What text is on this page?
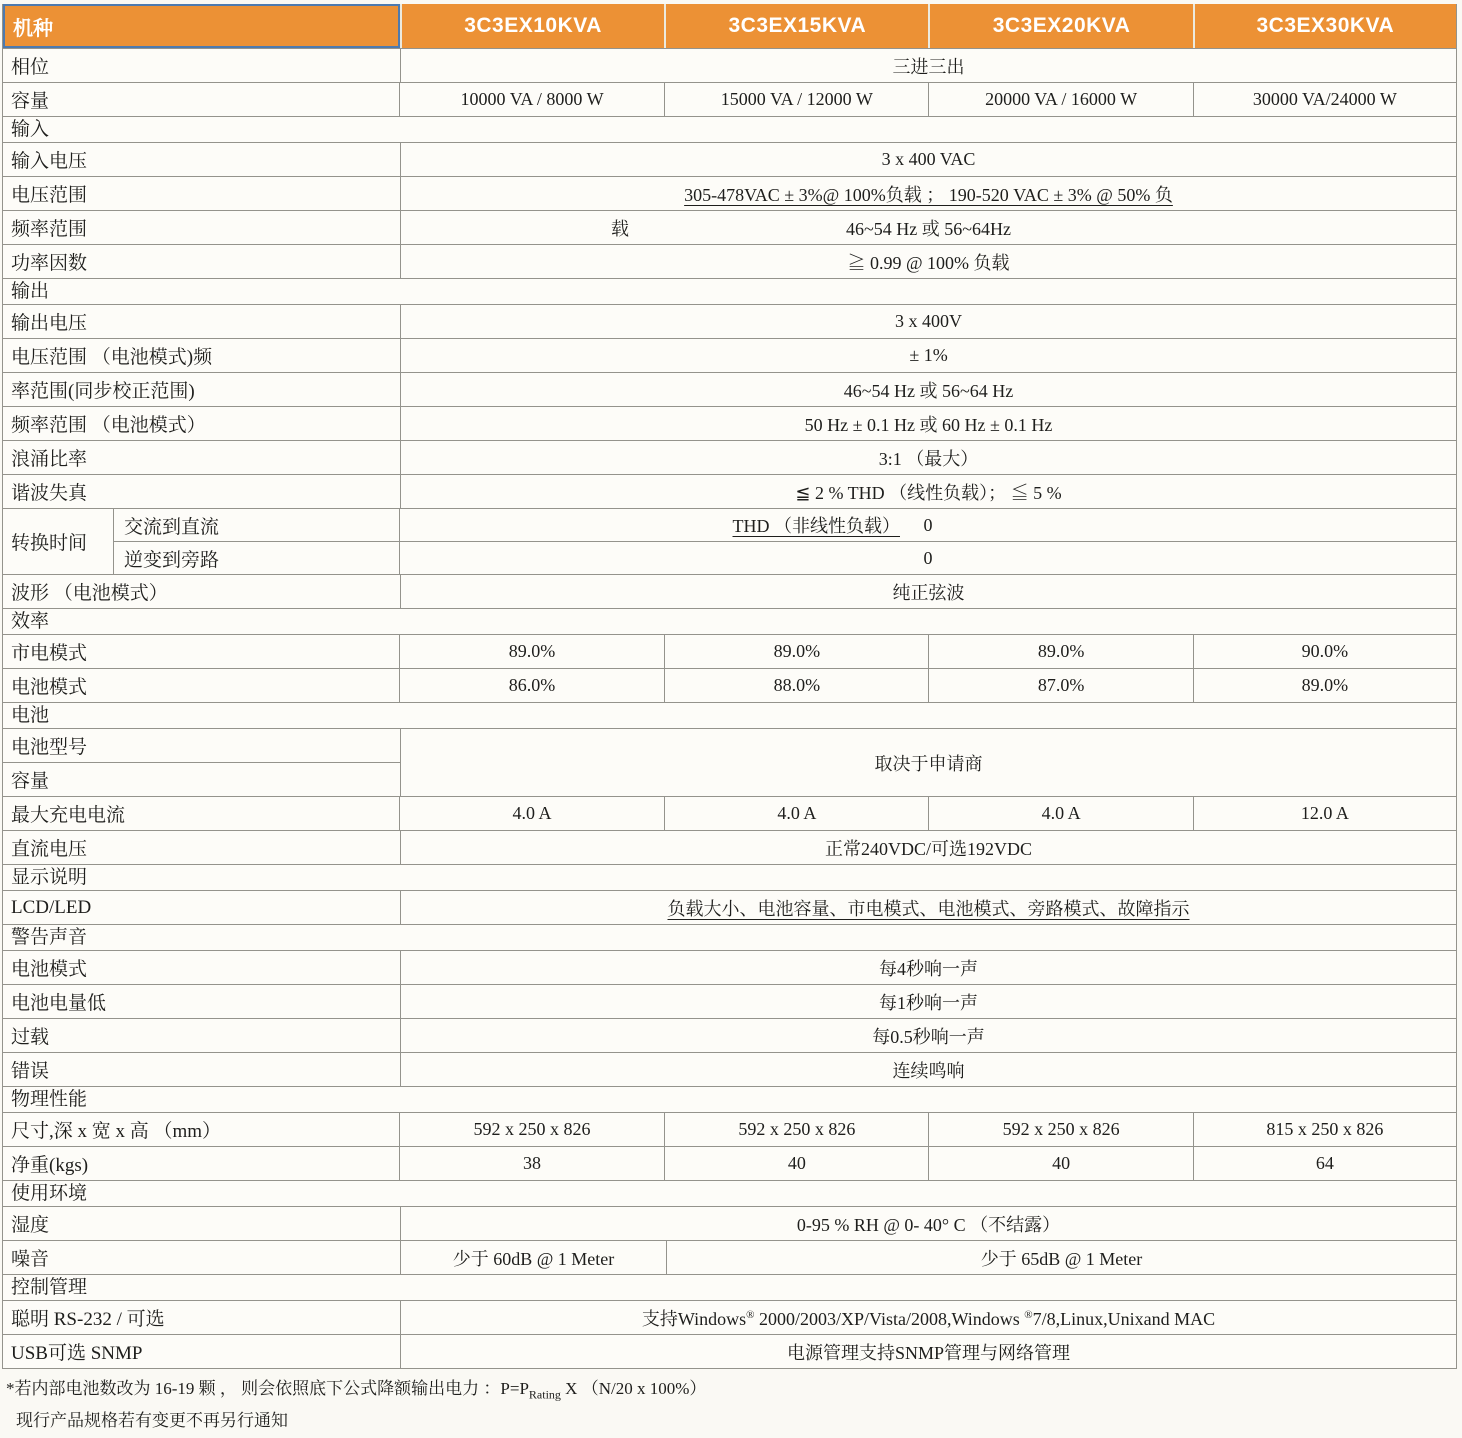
机种	3C3EX10KVA	3C3EX15KVA	3C3EX20KVA	3C3EX30KVA
相位	三进三出
容量	10000 VA / 8000 W	15000 VA / 12000 W	20000 VA / 16000 W	30000 VA/24000 W
输入
输入电压	3 x 400 VAC
电压范围	305-478VAC ± 3%@ 100%负载 ； 190-520 VAC ± 3% @ 50% 负
频率范围	载	46~54 Hz 或 56~64Hz
功率因数	≧ 0.99 @ 100% 负载
输出
输出电压	3 x 400V
电压范围 （电池模式)频	± 1%
率范围(同步校正范围)	46~54 Hz 或 56~64 Hz
频率范围 （电池模式）	50 Hz ± 0.1 Hz 或 60 Hz ± 0.1 Hz
浪涌比率	3:1 （最大）
谐波失真	≦ 2 % THD （线性负载）； ≦ 5 %
转换时间
交流到直流	THD （非线性负载） 0
逆变到旁路	0
波形 （电池模式）	纯正弦波
效率
市电模式	89.0%	89.0%	89.0%	90.0%
电池模式	86.0%	88.0%	87.0%	89.0%
电池
电池型号
容量
取决于申请商
最大充电电流	4.0 A	4.0 A	4.0 A	12.0 A
直流电压	正常240VDC/可选192VDC
显示说明
LCD/LED	负载大小、电池容量、市电模式、电池模式、旁路模式、故障指示
警告声音
电池模式	每4秒响一声
电池电量低	每1秒响一声
过载	每0.5秒响一声
错误	连续鸣响
物理性能
尺寸,深 x 宽 x 高 （mm）	592 x 250 x 826	592 x 250 x 826	592 x 250 x 826	815 x 250 x 826
净重(kgs)	38	40	40	64
使用环境
湿度	0-95 % RH @ 0- 40° C （不结露）
噪音	少于 60dB @ 1 Meter	少于 65dB @ 1 Meter
控制管理
聪明 RS-232 / 可选	支持Windows® 2000/2003/XP/Vista/2008,Windows ®7/8,Linux,Unixand MAC
USB可选 SNMP	电源管理支持SNMP管理与网络管理
*若内部电池数改为 16-19 颗 ， 则会依照底下公式降额输出电力 ：$P=P_{Rating}$ X （N/20 x 100%）
现行产品规格若有变更不再另行通知
